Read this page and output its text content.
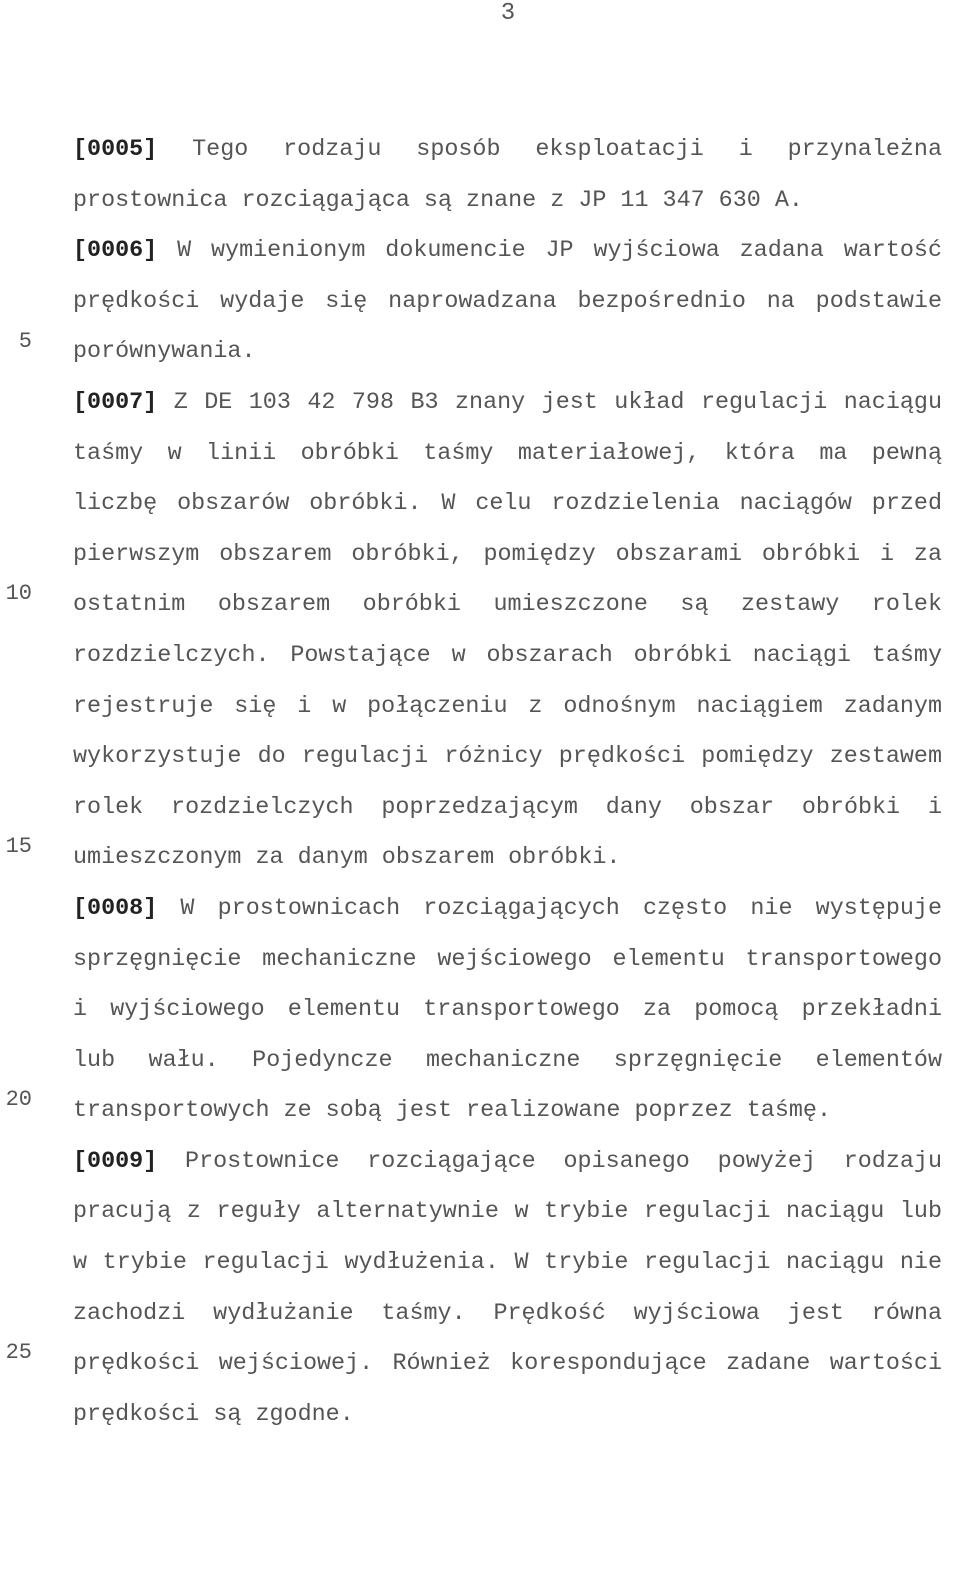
3
5
10
15
20
25

[0005] Tego rodzaju sposób eksploatacji i przynależna prostownica rozciągająca są znane z JP 11 347 630 A.

[0006] W wymienionym dokumencie JP wyjściowa zadana wartość prędkości wydaje się naprowadzana bezpośrednio na podstawie porównywania.

[0007] Z DE 103 42 798 B3 znany jest układ regulacji naciągu taśmy w linii obróbki taśmy materiałowej, która ma pewną liczbę obszarów obróbki. W celu rozdzielenia naciągów przed pierwszym obszarem obróbki, pomiędzy obszarami obróbki i za ostatnim obszarem obróbki umieszczone są zestawy rolek rozdzielczych. Powstające w obszarach obróbki naciągi taśmy rejestruje się i w połączeniu z odnośnym naciągiem zadanym wykorzystuje do regulacji różnicy prędkości pomiędzy zestawem rolek rozdzielczych poprzedzającym dany obszar obróbki i umieszczonym za danym obszarem obróbki.

[0008] W prostownicach rozciągających często nie występuje sprzęgnięcie mechaniczne wejściowego elementu transportowego i wyjściowego elementu transportowego za pomocą przekładni lub wału. Pojedyncze mechaniczne sprzęgnięcie elementów transportowych ze sobą jest realizowane poprzez taśmę.

[0009] Prostownice rozciągające opisanego powyżej rodzaju pracują z reguły alternatywnie w trybie regulacji naciągu lub w trybie regulacji wydłużenia. W trybie regulacji naciągu nie zachodzi wydłużanie taśmy. Prędkość wyjściowa jest równa prędkości wejściowej. Również korespondujące zadane wartości prędkości są zgodne.
